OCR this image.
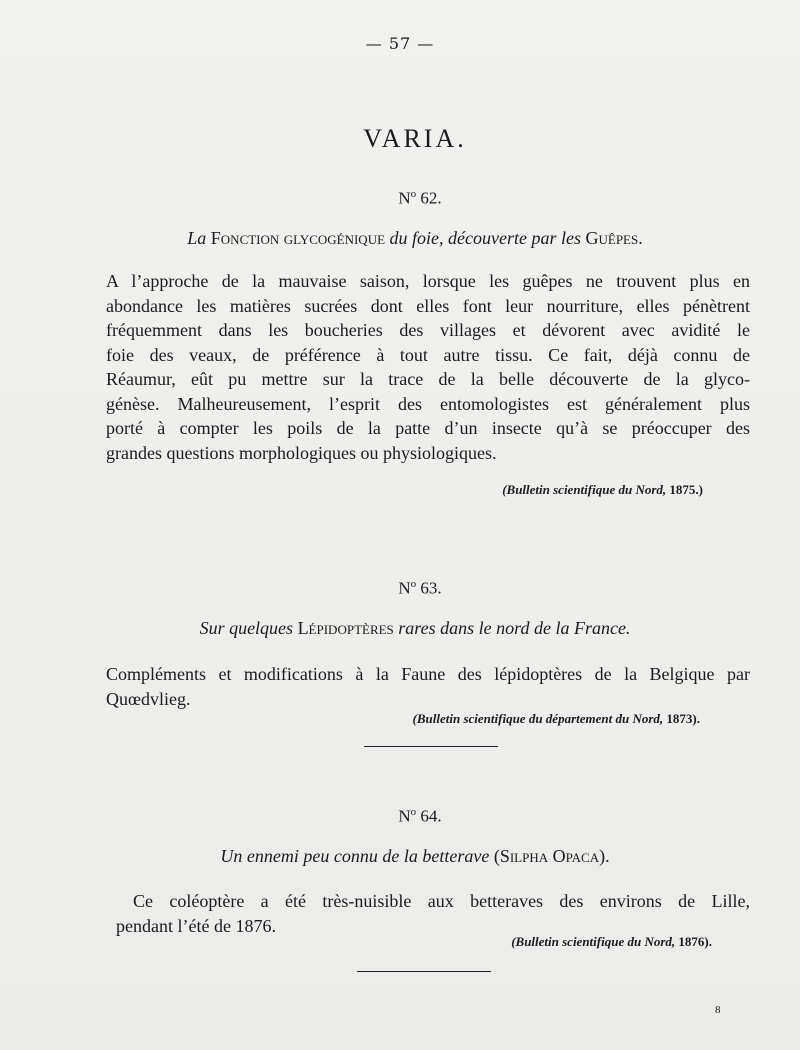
— 57 —
VARIA.
$N^o$ 62.
La Fonction glycogénique du foie, découverte par les Guêpes.
A l’approche de la mauvaise saison, lorsque les guêpes ne trouvent plus en
abondance les matières sucrées dont elles font leur nourriture, elles pénètrent
fréquemment dans les boucheries des villages et dévorent avec avidité le
foie des veaux, de préférence à tout autre tissu. Ce fait, déjà connu de
Réaumur, eût pu mettre sur la trace de la belle découverte de la glyco-
génèse. Malheureusement, l’esprit des entomologistes est généralement plus
porté à compter les poils de la patte d’un insecte qu’à se préoccuper des
grandes questions morphologiques ou physiologiques.
(Bulletin scientifique du Nord, 1875.)
$N^o$ 63.
Sur quelques Lépidoptères rares dans le nord de la France.
Compléments et modifications à la Faune des lépidoptères de la Belgique par
Quœdvlieg.
(Bulletin scientifique du département du Nord, 1873).
$N^o$ 64.
Un ennemi peu connu de la betterave (Silpha Opaca).
Ce coléoptère a été très-nuisible aux betteraves des environs de Lille,
pendant l’été de 1876.
(Bulletin scientifique du Nord, 1876).
8
